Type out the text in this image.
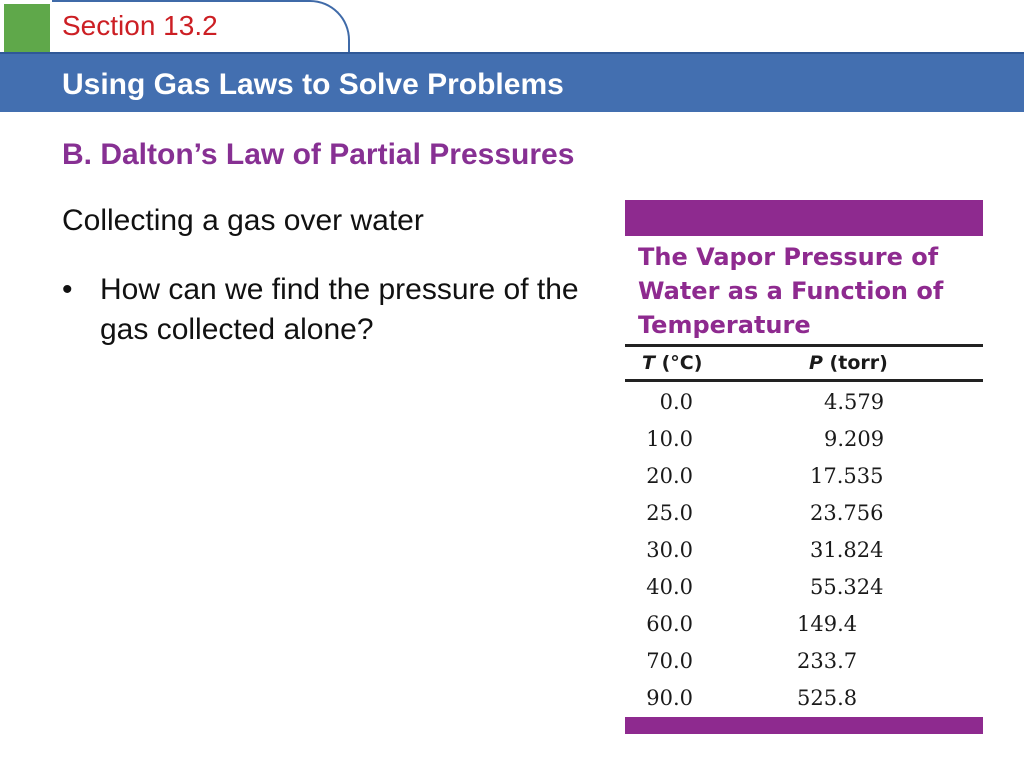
Section 13.2
Using Gas Laws to Solve Problems
B. Dalton’s Law of Partial Pressures
Collecting a gas over water
• How can we find the pressure of the gas collected alone?
The Vapor Pressure of Water as a Function of Temperature
T (°C)	P (torr)
0.0	4.579
10.0	9.209
20.0	17.535
25.0	23.756
30.0	31.824
40.0	55.324
60.0	149.4
70.0	233.7
90.0	525.8
